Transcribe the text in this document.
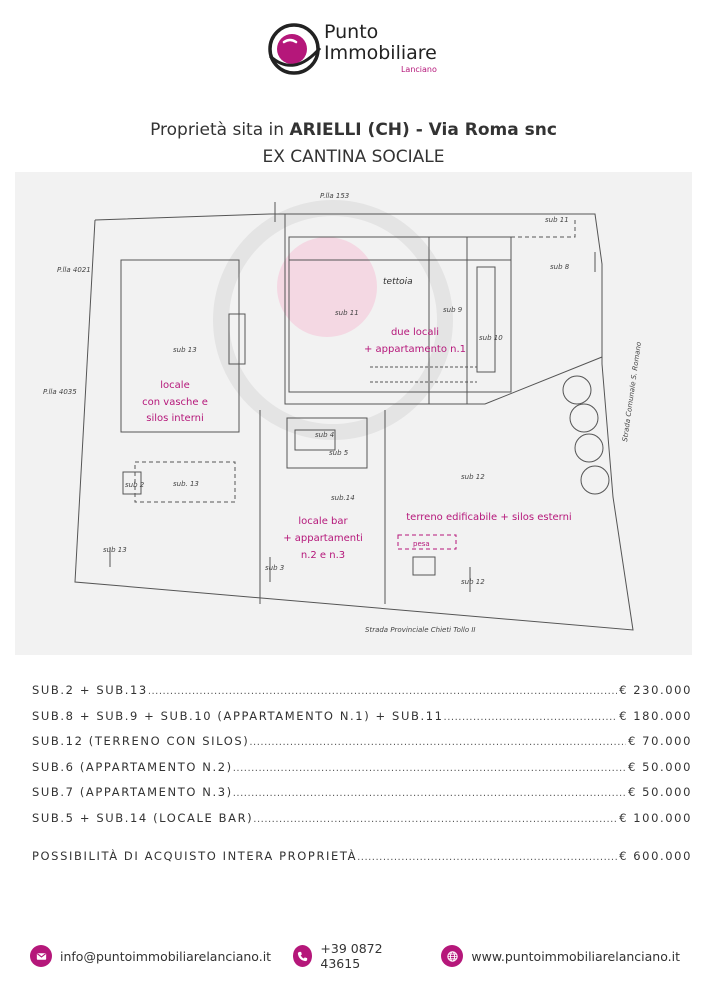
Punto
Immobiliare
Lanciano
Proprietà sita in ARIELLI (CH) - Via Roma snc
EX CANTINA SOCIALE
P.lla 153
P.lla 4021
P.lla 4035
sub 11
sub 8
sub 11	sub 9
sub 10
sub 13
sub. 13
sub 13
sub 2
sub 4
sub 5
sub.14
sub 3
sub 12
sub 12
Strada Provinciale Chieti Tollo II
Strada Comunale S. Romano
tettoia
pesa
due locali
+ appartamento n.1
locale
con vasche e
silos interni
locale bar
+ appartamenti
n.2 e n.3
terreno edificabile + silos esterni
SUB.2 + SUB.13 .....	€ 230.000
SUB.8 + SUB.9 + SUB.10 (APPARTAMENTO N.1) + SUB.11 .....	€ 180.000
SUB.12 (TERRENO CON SILOS) .....	€ 70.000
SUB.6 (APPARTAMENTO N.2) .....	€ 50.000
SUB.7 (APPARTAMENTO N.3) .....	€ 50.000
SUB.5 + SUB.14 (LOCALE BAR) .....	€ 100.000
POSSIBILITÀ DI ACQUISTO INTERA PROPRIETÀ .....	€ 600.000
info@puntoimmobiliarelanciano.it	+39 0872 43615	www.puntoimmobiliarelanciano.it
